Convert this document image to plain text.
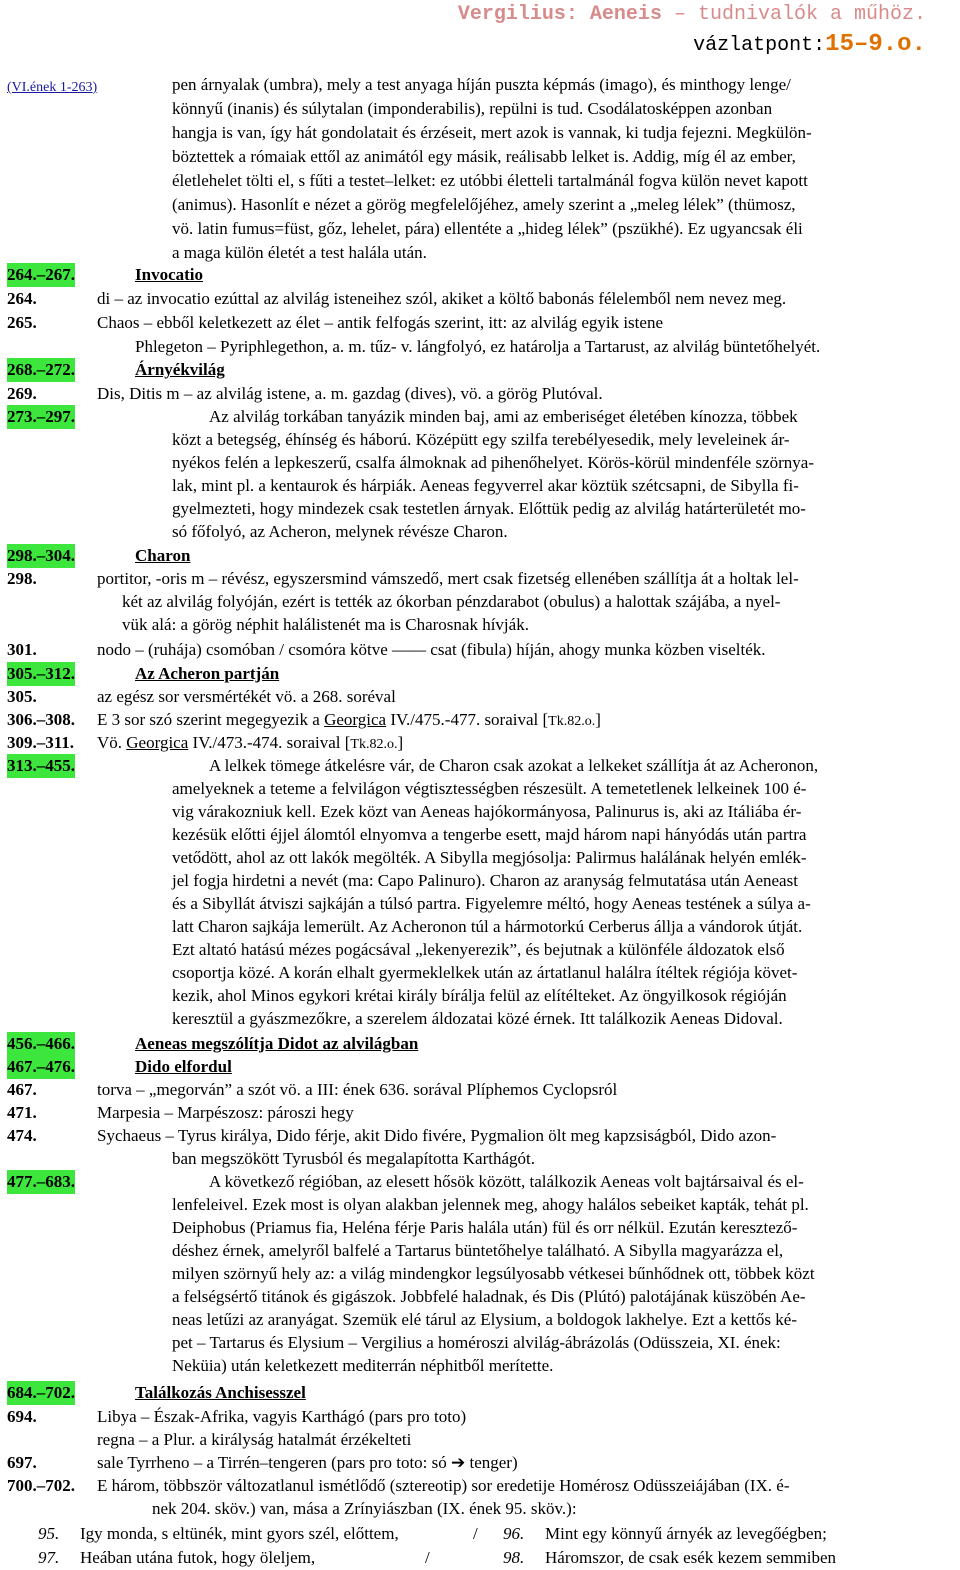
Vergilius: Aeneis – tudnivalók a műhöz.
vázlatpont:15–9.o.
(VI.ének 1-263)	pen árnyalak (umbra), mely a test anyaga híján puszta képmás (imago), és minthogy lenge/
könnyű (inanis) és súlytalan (imponderabilis), repülni is tud. Csodálatosképpen azonban
hangja is van, így hát gondolatait és érzéseit, mert azok is vannak, ki tudja fejezni. Megkülön-
böztettek a rómaiak ettől az animától egy másik, reálisabb lelket is. Addig, míg él az ember,
életlehelet tölti el, s fűti a testet–lelket: ez utóbbi életteli tartalmánál fogva külön nevet kapott
(animus). Hasonlít e nézet a görög megfelelőjéhez, amely szerint a „meleg lélek” (thümosz,
vö. latin fumus=füst, gőz, lehelet, pára) ellentéte a „hideg lélek” (pszükhé). Ez ugyancsak éli
a maga külön életét a test halála után.
264.–267.	Invocatio
264.	di – az invocatio ezúttal az alvilág isteneihez szól, akiket a költő babonás félelemből nem nevez meg.
265.	Chaos – ebből keletkezett az élet – antik felfogás szerint, itt: az alvilág egyik istene
Phlegeton – Pyriphlegethon, a. m. tűz- v. lángfolyó, ez határolja a Tartarust, az alvilág büntetőhelyét.
268.–272.	Árnyékvilág
269.	Dis, Ditis m – az alvilág istene, a. m. gazdag (dives), vö. a görög Plutóval.
273.–297.	Az alvilág torkában tanyázik minden baj, ami az emberiséget életében kínozza, többek
közt a betegség, éhínség és háború. Középütt egy szilfa terebélyesedik, mely leveleinek ár-
nyékos felén a lepkeszerű, csalfa álmoknak ad pihenőhelyet. Körös-körül mindenféle szörnya-
lak, mint pl. a kentaurok és hárpiák. Aeneas fegyverrel akar köztük szétcsapni, de Sibylla fi-
gyelmezteti, hogy mindezek csak testetlen árnyak. Előttük pedig az alvilág határterületét mo-
só főfolyó, az Acheron, melynek révésze Charon.
298.–304.	Charon
298.	portitor, -oris m – révész, egyszersmind vámszedő, mert csak fizetség ellenében szállítja át a holtak lel-
két az alvilág folyóján, ezért is tették az ókorban pénzdarabot (obulus) a halottak szájába, a nyel-
vük alá: a görög néphit halálistenét ma is Charosnak hívják.
301.	nodo – (ruhája) csomóban / csomóra kötve —— csat (fibula) híján, ahogy munka közben viselték.
305.–312.	Az Acheron partján
305.	az egész sor versmértékét vö. a 268. soréval
306.–308. E 3 sor szó szerint megegyezik a Georgica IV./475.-477. soraival [Tk.82.o.]
309.–311. Vö. Georgica IV./473.-474. soraival [Tk.82.o.]
313.–455.	A lelkek tömege átkelésre vár, de Charon csak azokat a lelkeket szállítja át az Acheronon,
amelyeknek a teteme a felvilágon végtisztességben részesült. A temetetlenek lelkeinek 100 é-
vig várakozniuk kell. Ezek közt van Aeneas hajókormányosa, Palinurus is, aki az Itáliába ér-
kezésük előtti éjjel álomtól elnyomva a tengerbe esett, majd három napi hányódás után partra
vetődött, ahol az ott lakók megölték. A Sibylla megjósolja: Palirmus halálának helyén emlék-
jel fogja hirdetni a nevét (ma: Capo Palinuro). Charon az aranyság felmutatása után Aeneast
és a Sibyllát átviszi sajkáján a túlsó partra. Figyelemre méltó, hogy Aeneas testének a súlya a-
latt Charon sajkája lemerült. Az Acheronon túl a hármotorkú Cerberus állja a vándorok útját.
Ezt altató hatású mézes pogácsával „lekenyerezik”, és bejutnak a különféle áldozatok első
csoportja közé. A korán elhalt gyermeklelkek után az ártatlanul halálra ítéltek régiója követ-
kezik, ahol Minos egykori krétai király bírálja felül az elítélteket. Az öngyilkosok régióján
keresztül a gyászmezőkre, a szerelem áldozatai közé érnek. Itt találkozik Aeneas Didoval.
456.–466.	Aeneas megszólítja Didot az alvilágban
467.–476.	Dido elfordul
467.	torva – „megorván” a szót vö. a III: ének 636. sorával Plíphemos Cyclopsról
471.	Marpesia – Marpészosz: pároszi hegy
474.	Sychaeus – Tyrus királya, Dido férje, akit Dido fivére, Pygmalion ölt meg kapzsiságból, Dido azon-
ban megszökött Tyrusból és megalapította Karthágót.
477.–683.	A következő régióban, az elesett hősök között, találkozik Aeneas volt bajtársaival és el-
lenfeleivel. Ezek most is olyan alakban jelennek meg, ahogy halálos sebeiket kapták, tehát pl.
Deiphobus (Priamus fia, Heléna férje Paris halála után) fül és orr nélkül. Ezután keresztező-
déshez érnek, amelyről balfelé a Tartarus büntetőhelye található. A Sibylla magyarázza el,
milyen szörnyű hely az: a világ mindengkor legsúlyosabb vétkesei bűnhődnek ott, többek közt
a felségsértő titánok és gigászok. Jobbfelé haladnak, és Dis (Plútó) palotájának küszöbén Ae-
neas letűzi az aranyágat. Szemük elé tárul az Elysium, a boldogok lakhelye. Ezt a kettős ké-
pet – Tartarus és Elysium – Vergilius a homéroszi alvilág-ábrázolás (Odüsszeia, XI. ének:
Neküia) után keletkezett mediterrán néphitből merítette.
684.–702.	Találkozás Anchisesszel
694.	Libya – Észak-Afrika, vagyis Karthágó (pars pro toto)
regna – a Plur. a királyság hatalmát érzékelteti
697.	sale Tyrrheno – a Tirrén–tengeren (pars pro toto: só ➔ tenger)
700.–702. E három, többször változatlanul ismétlődő (sztereotip) sor eredetije Homérosz Odüsszeiájában (IX. é-
nek 204. sköv.) van, mása a Zrínyiászban (IX. ének 95. sköv.):
95. Igy monda, s eltünék, mint gyors szél, előttem,	/ 96. Mint egy könnyű árnyék az levegőégben;
97. Heában utána futok, hogy öleljem,	/	98. Háromszor, de csak esék kezem semmiben
